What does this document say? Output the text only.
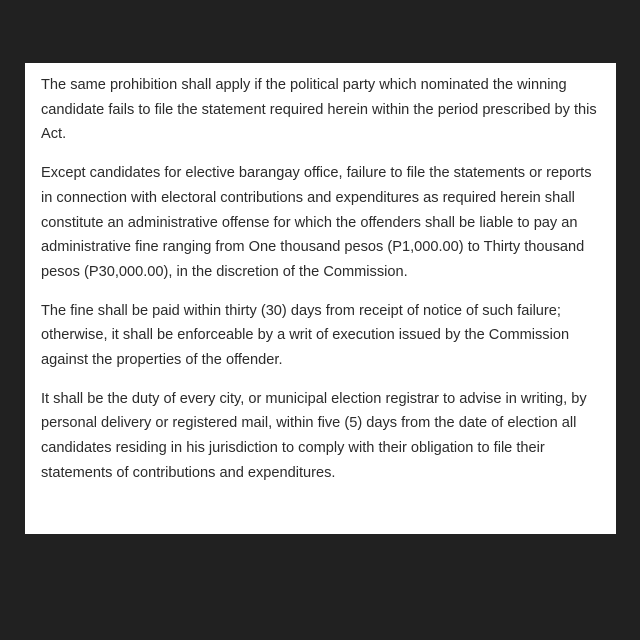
The same prohibition shall apply if the political party which nominated the winning candidate fails to file the statement required herein within the period prescribed by this Act.

Except candidates for elective barangay office, failure to file the statements or reports in connection with electoral contributions and expenditures as required herein shall constitute an administrative offense for which the offenders shall be liable to pay an administrative fine ranging from One thousand pesos (P1,000.00) to Thirty thousand pesos (P30,000.00), in the discretion of the Commission.

The fine shall be paid within thirty (30) days from receipt of notice of such failure; otherwise, it shall be enforceable by a writ of execution issued by the Commission against the properties of the offender.

It shall be the duty of every city, or municipal election registrar to advise in writing, by personal delivery or registered mail, within five (5) days from the date of election all candidates residing in his jurisdiction to comply with their obligation to file their statements of contributions and expenditures.
